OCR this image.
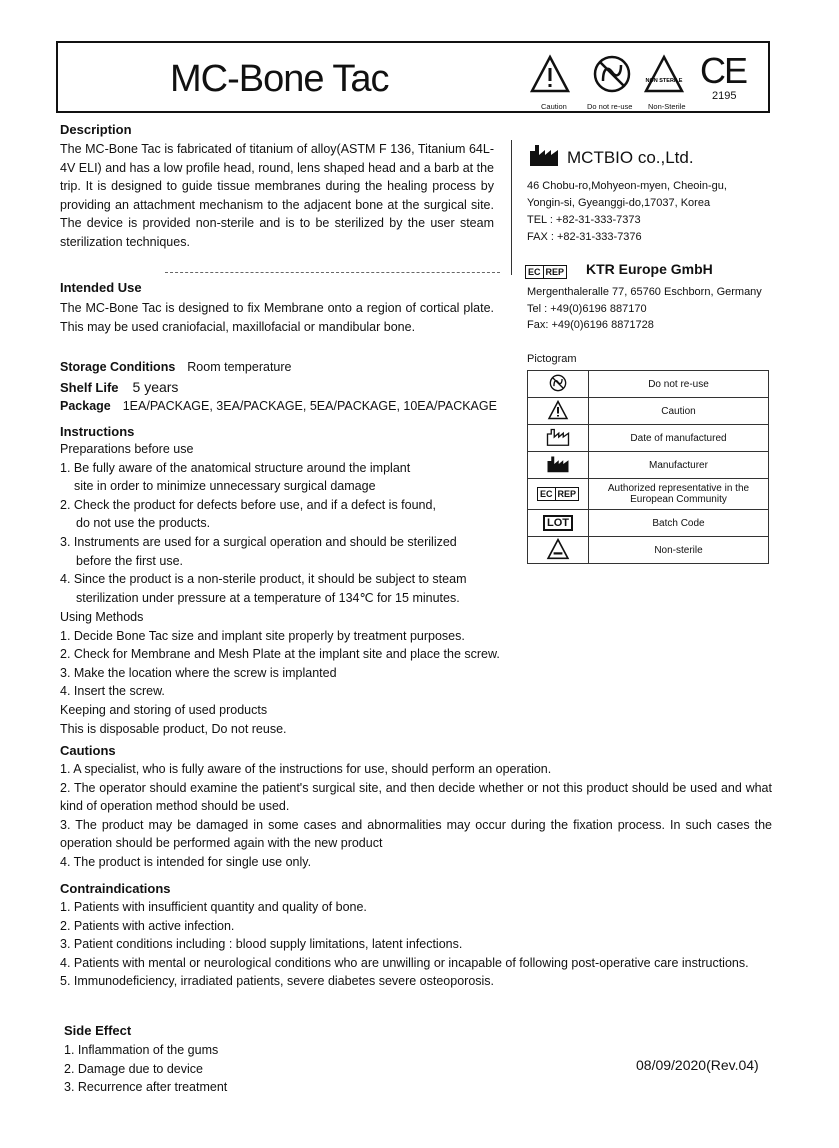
MC-Bone Tac
Caution	Do not re-use
NON STERILE
Non-Sterile
CE
2195
Description
The MC-Bone Tac is fabricated of titanium of alloy(ASTM F 136, Titanium 64L-4V ELI) and has a low profile head, round, lens shaped head and a barb at the trip. It is designed to guide tissue membranes during the healing process by providing an attachment mechanism to the adjacent bone at the surgical site. The device is provided non-sterile and is to be sterilized by the user steam sterilization techniques.
Intended Use
The MC-Bone Tac is designed to fix Membrane onto a region of cortical plate. This may be used craniofacial, maxillofacial or mandibular bone.
Storage Conditions Room temperature
Shelf Life 5 years
Package 1EA/PACKAGE, 3EA/PACKAGE, 5EA/PACKAGE, 10EA/PACKAGE
Instructions
Preparations before use
1. Be fully aware of the anatomical structure around the implant
site in order to minimize unnecessary surgical damage
2. Check the product for defects before use, and if a defect is found,
do not use the products.
3. Instruments are used for a surgical operation and should be sterilized
before the first use.
4. Since the product is a non-sterile product, it should be subject to steam
sterilization under pressure at a temperature of 134℃ for 15 minutes.
Using Methods
1. Decide Bone Tac size and implant site properly by treatment purposes.
2. Check for Membrane and Mesh Plate at the implant site and place the screw.
3. Make the location where the screw is implanted
4. Insert the screw.
Keeping and storing of used products
This is disposable product, Do not reuse.
MCTBIO co.,Ltd.
46 Chobu-ro,Mohyeon-myen, Cheoin-gu,
Yongin-si, Gyeanggi-do,17037, Korea
TEL : +82-31-333-7373
FAX : +82-31-333-7376
EC REP KTR Europe GmbH
Mergenthaleralle 77, 65760 Eschborn, Germany
Tel : +49(0)6196 887170
Fax: +49(0)6196 8871728
Pictogram
	Do not re-use
	Caution
	Date of manufactured
	Manufacturer
EC REP	Authorized representative in the European Community
LOT	Batch Code
	Non-sterile
Cautions
1. A specialist, who is fully aware of the instructions for use, should perform an operation.
2. The operator should examine the patient's surgical site, and then decide whether or not this product should be used and what kind of operation method should be used.
3. The product may be damaged in some cases and abnormalities may occur during the fixation process. In such cases the operation should be performed again with the new product
4. The product is intended for single use only.
Contraindications
1. Patients with insufficient quantity and quality of bone.
2. Patients with active infection.
3. Patient conditions including : blood supply limitations, latent infections.
4. Patients with mental or neurological conditions who are unwilling or incapable of following post-operative care instructions.
5. Immunodeficiency, irradiated patients, severe diabetes severe osteoporosis.
Side Effect
1. Inflammation of the gums
2. Damage due to device
3. Recurrence after treatment
08/09/2020(Rev.04)
